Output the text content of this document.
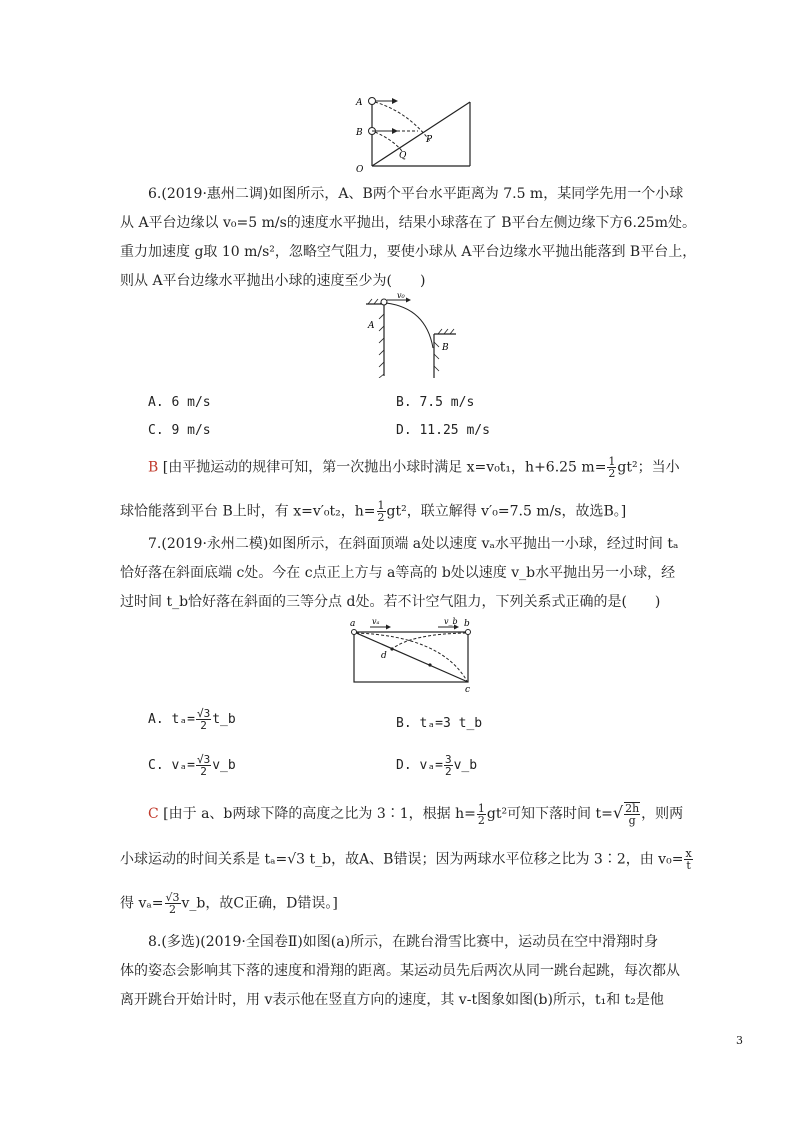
A
B
O
P
Q
6.(2019·惠州二调)如图所示，A、B两个平台水平距离为 7.5 m，某同学先用一个小球
从 A平台边缘以 v₀=5 m/s的速度水平抛出，结果小球落在了 B平台左侧边缘下方6.25m处。
重力加速度 g取 10 m/s²，忽略空气阻力，要使小球从 A平台边缘水平抛出能落到 B平台上，
则从 A平台边缘水平抛出小球的速度至少为(　　)
v₀
A
B
A. 6 m/s	B. 7.5 m/s
C. 9 m/s	D. 11.25 m/s
B [由平抛运动的规律可知，第一次抛出小球时满足 x=v₀t₁，h+6.25 $m= \frac{1}{2} gt^2$；当小
球恰能落到平台 B上时，有 x=v′₀t₂，$h= \frac{1}{2} gt^2$，联立解得 v′₀=7.5 m/s，故选B。]
7.(2019·永州二模)如图所示，在斜面顶端 a处以速度 vₐ水平抛出一小球，经过时间 tₐ
恰好落在斜面底端 c处。今在 c点正上方与 a等高的 b处以速度 v_b水平抛出另一小球，经
过时间 t_b恰好落在斜面的三等分点 d处。若不计空气阻力，下列关系式正确的是(　　)
a	b
c
d
vₐ	v_b
A. $t_a= \frac{√3}{2}$ t_b	B. tₐ=3 t_b
C. $v_a= \frac{√3}{2}$ v_b	D. $v_a= \frac{3}{2}$ v_b
C [由于 a、b两球下降的高度之比为 3∶1，根据 $h= \frac{1}{2} gt^2$可知下落时间 $t=√ \frac{2h}{g}$ ，则两
小球运动的时间关系是 tₐ=√3 t_b，故A、B错误；因为两球水平位移之比为 3∶2，由 $v_0= \frac{x}{t}$
得 $v_a= \frac{√3}{2}$ v_b，故C正确，D错误。]
8.(多选)(2019·全国卷Ⅱ)如图(a)所示，在跳台滑雪比赛中，运动员在空中滑翔时身
体的姿态会影响其下落的速度和滑翔的距离。某运动员先后两次从同一跳台起跳，每次都从
离开跳台开始计时，用 v表示他在竖直方向的速度，其 v-t图象如图(b)所示，t₁和 t₂是他
3
